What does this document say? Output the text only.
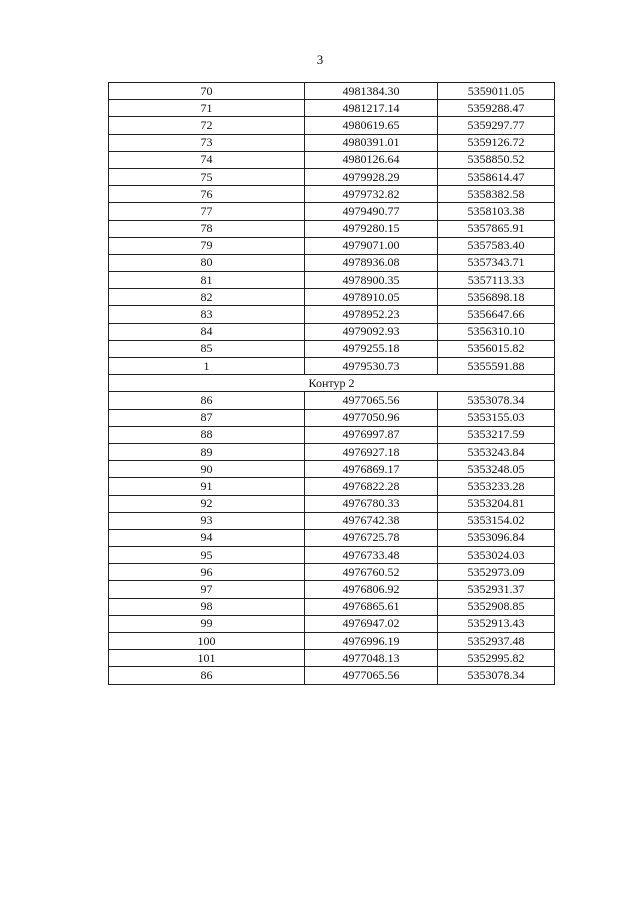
3
70	4981384.30	5359011.05
71	4981217.14	5359288.47
72	4980619.65	5359297.77
73	4980391.01	5359126.72
74	4980126.64	5358850.52
75	4979928.29	5358614.47
76	4979732.82	5358382.58
77	4979490.77	5358103.38
78	4979280.15	5357865.91
79	4979071.00	5357583.40
80	4978936.08	5357343.71
81	4978900.35	5357113.33
82	4978910.05	5356898.18
83	4978952.23	5356647.66
84	4979092.93	5356310.10
85	4979255.18	5356015.82
1	4979530.73	5355591.88
Контур 2		
86	4977065.56	5353078.34
87	4977050.96	5353155.03
88	4976997.87	5353217.59
89	4976927.18	5353243.84
90	4976869.17	5353248.05
91	4976822.28	5353233.28
92	4976780.33	5353204.81
93	4976742.38	5353154.02
94	4976725.78	5353096.84
95	4976733.48	5353024.03
96	4976760.52	5352973.09
97	4976806.92	5352931.37
98	4976865.61	5352908.85
99	4976947.02	5352913.43
100	4976996.19	5352937.48
101	4977048.13	5352995.82
86	4977065.56	5353078.34
